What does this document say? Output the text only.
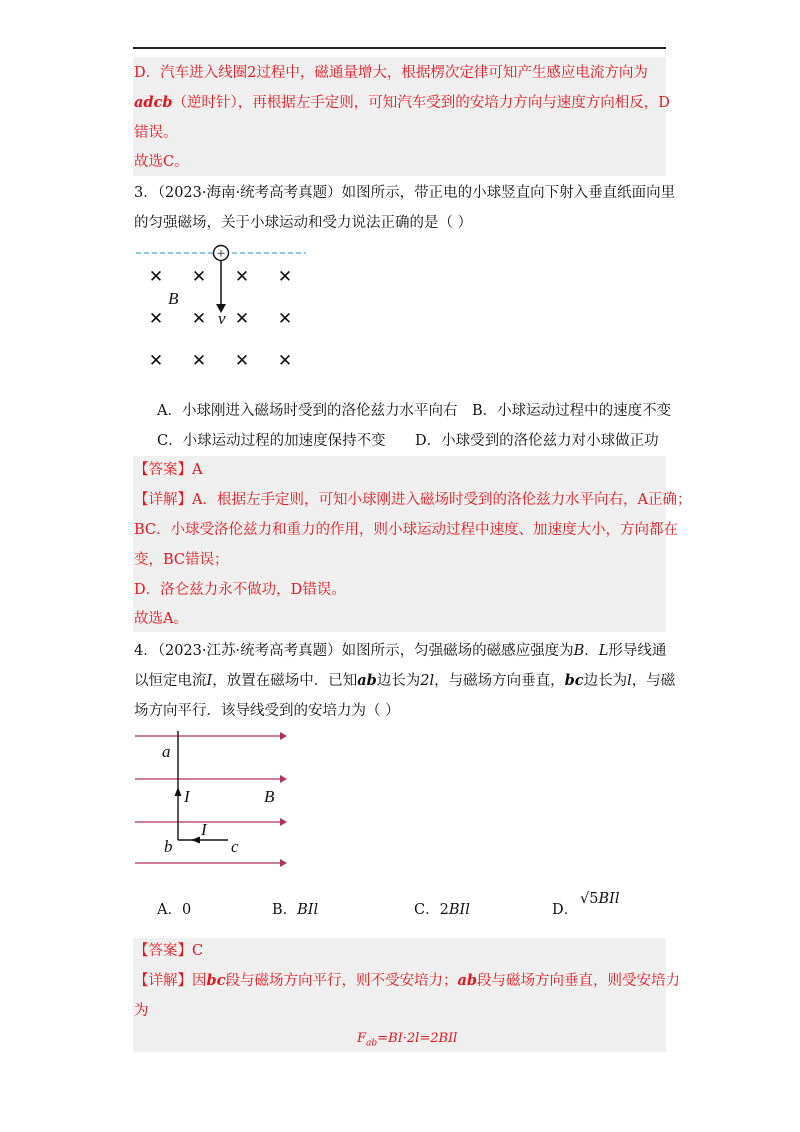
D．汽车进入线圈2过程中，磁通量增大，根据楞次定律可知产生感应电流方向为
adcb（逆时针），再根据左手定则，可知汽车受到的安培力方向与速度方向相反，D
错误。
故选C。
3．（2023·海南·统考高考真题）如图所示，带正电的小球竖直向下射入垂直纸面向里
的匀强磁场，关于小球运动和受力说法正确的是（ ）
+
v
B
✕ ✕ ✕ ✕
✕ ✕ ✕ ✕
✕ ✕ ✕ ✕
A．小球刚进入磁场时受到的洛伦兹力水平向右 B．小球运动过程中的速度不变
C．小球运动过程的加速度保持不变 D．小球受到的洛伦兹力对小球做正功
【答案】A
【详解】A．根据左手定则，可知小球刚进入磁场时受到的洛伦兹力水平向右，A正确；
BC．小球受洛伦兹力和重力的作用，则小球运动过程中速度、加速度大小，方向都在
变，BC错误；
D．洛仑兹力永不做功，D错误。
故选A。
4．（2023·江苏·统考高考真题）如图所示，匀强磁场的磁感应强度为B．L形导线通
以恒定电流I，放置在磁场中．已知ab边长为2l，与磁场方向垂直，bc边长为l，与磁
场方向平行．该导线受到的安培力为（ ）
a
b	c
I
I
B
A．0	B．BIl	C．2BIl	D．
√5BIl
【答案】C
【详解】因bc段与磁场方向平行，则不受安培力；ab段与磁场方向垂直，则受安培力
为
$F_{ab}=BI\cdot 2l=2BIl$
